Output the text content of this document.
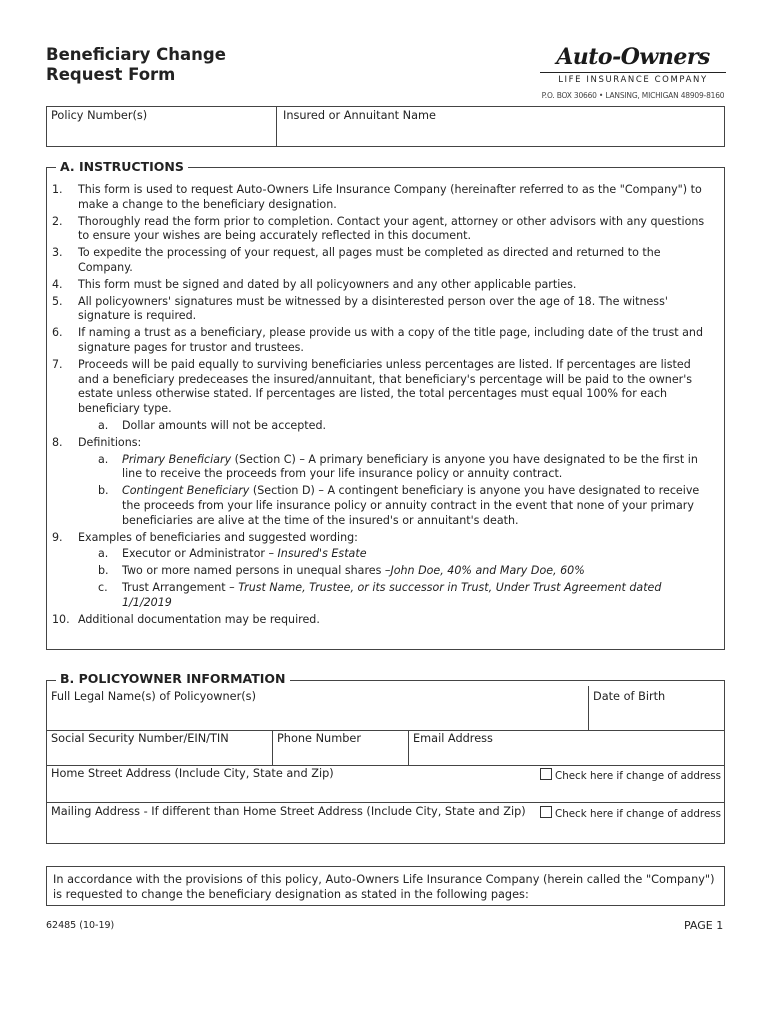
Beneficiary Change
Request Form
Auto-Owners
LIFE INSURANCE COMPANY
P.O. BOX 30660 • LANSING, MICHIGAN 48909-8160
Policy Number(s)	Insured or Annuitant Name
A. INSTRUCTIONS
1. This form is used to request Auto-Owners Life Insurance Company (hereinafter referred to as the "Company") to make a change to the beneficiary designation.
2. Thoroughly read the form prior to completion. Contact your agent, attorney or other advisors with any questions to ensure your wishes are being accurately reflected in this document.
3. To expedite the processing of your request, all pages must be completed as directed and returned to the Company.
4. This form must be signed and dated by all policyowners and any other applicable parties.
5. All policyowners' signatures must be witnessed by a disinterested person over the age of 18. The witness' signature is required.
6. If naming a trust as a beneficiary, please provide us with a copy of the title page, including date of the trust and signature pages for trustor and trustees.
7. Proceeds will be paid equally to surviving beneficiaries unless percentages are listed. If percentages are listed and a beneficiary predeceases the insured/annuitant, that beneficiary's percentage will be paid to the owner's estate unless otherwise stated. If percentages are listed, the total percentages must equal 100% for each beneficiary type.
a. Dollar amounts will not be accepted.
8. Definitions:
a. Primary Beneficiary (Section C) – A primary beneficiary is anyone you have designated to be the first in line to receive the proceeds from your life insurance policy or annuity contract.
b. Contingent Beneficiary (Section D) – A contingent beneficiary is anyone you have designated to receive the proceeds from your life insurance policy or annuity contract in the event that none of your primary beneficiaries are alive at the time of the insured's or annuitant's death.
9. Examples of beneficiaries and suggested wording:
a. Executor or Administrator – Insured's Estate
b. Two or more named persons in unequal shares –John Doe, 40% and Mary Doe, 60%
c. Trust Arrangement – Trust Name, Trustee, or its successor in Trust, Under Trust Agreement dated 1/1/2019
10. Additional documentation may be required.
B. POLICYOWNER INFORMATION
Full Legal Name(s) of Policyowner(s)	Date of Birth
Social Security Number/EIN/TIN	Phone Number	Email Address
Home Street Address (Include City, State and Zip)	Check here if change of address
Mailing Address - If different than Home Street Address (Include City, State and Zip)	Check here if change of address
In accordance with the provisions of this policy, Auto-Owners Life Insurance Company (herein called the "Company") is requested to change the beneficiary designation as stated in the following pages:
62485 (10-19)	PAGE 1
